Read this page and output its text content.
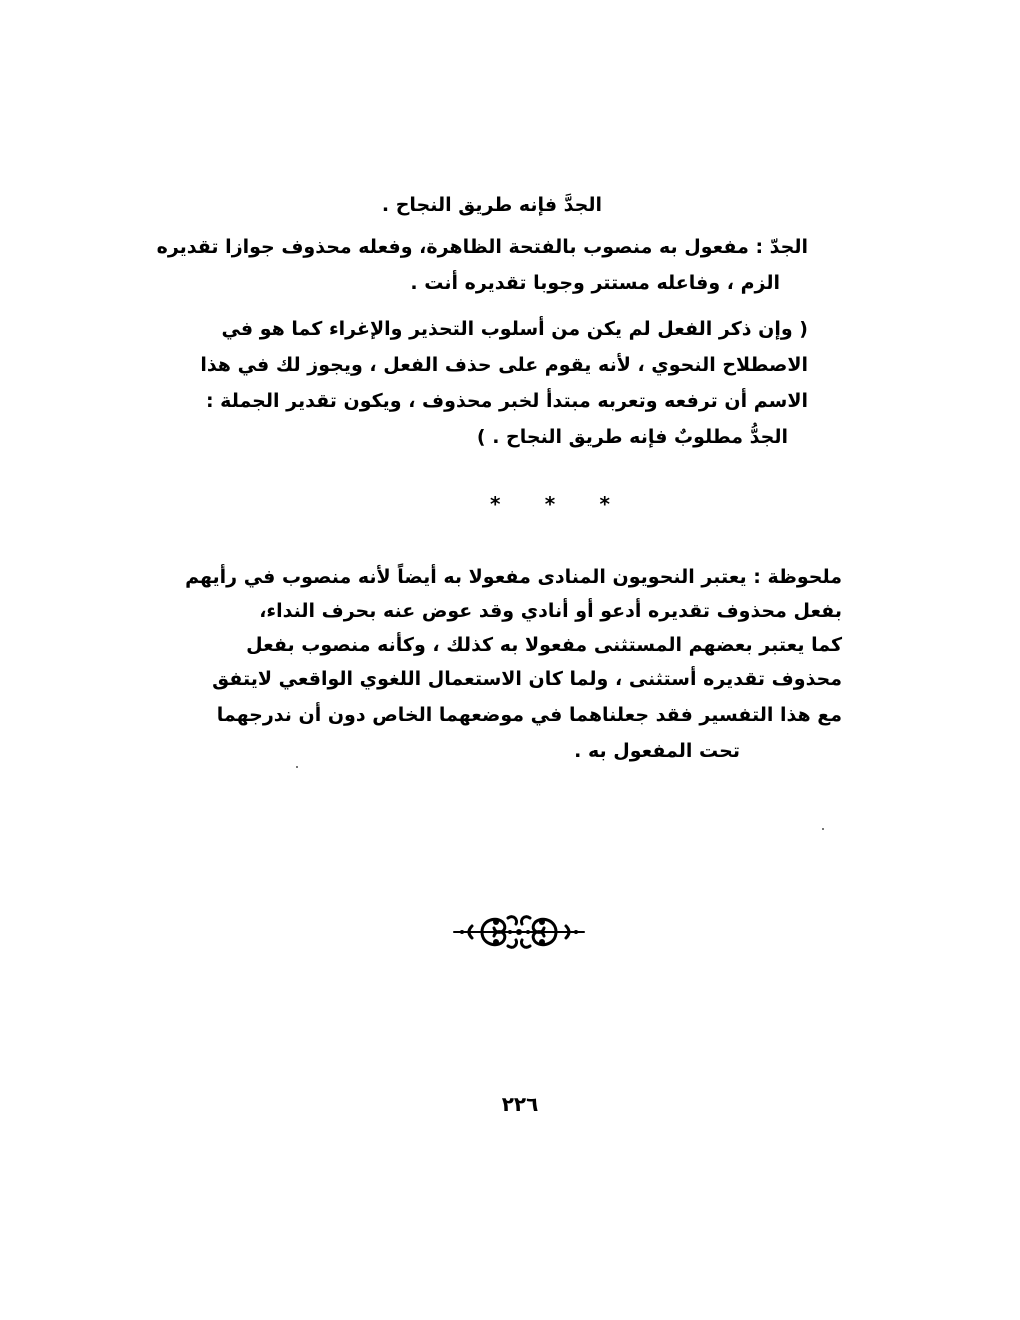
الجدَّ فإنه طريق النجاح .
الجدّ : مفعول به منصوب بالفتحة الظاهرة، وفعله محذوف جوازا تقديره
الزم ، وفاعله مستتر وجوبا تقديره أنت .
( وإن ذكر الفعل لم يكن من أسلوب التحذير والإغراء كما هو في
الاصطلاح النحوي ، لأنه يقوم على حذف الفعل ، ويجوز لك في هذا
الاسم أن ترفعه وتعربه مبتدأ لخبر محذوف ، ويكون تقدير الجملة :
الجدُّ مطلوبٌ فإنه طريق النجاح . )
* * *
ملحوظة : يعتبر النحويون المنادى مفعولا به أيضاً لأنه منصوب في رأيهم
بفعل محذوف تقديره أدعو أو أنادي وقد عوض عنه بحرف النداء،
كما يعتبر بعضهم المستثنى مفعولا به كذلك ، وكأنه منصوب بفعل
محذوف تقديره أستثنى ، ولما كان الاستعمال اللغوي الواقعي لايتفق
مع هذا التفسير فقد جعلناهما في موضعهما الخاص دون أن ندرجهما
تحت المفعول به .
٢٢٦
